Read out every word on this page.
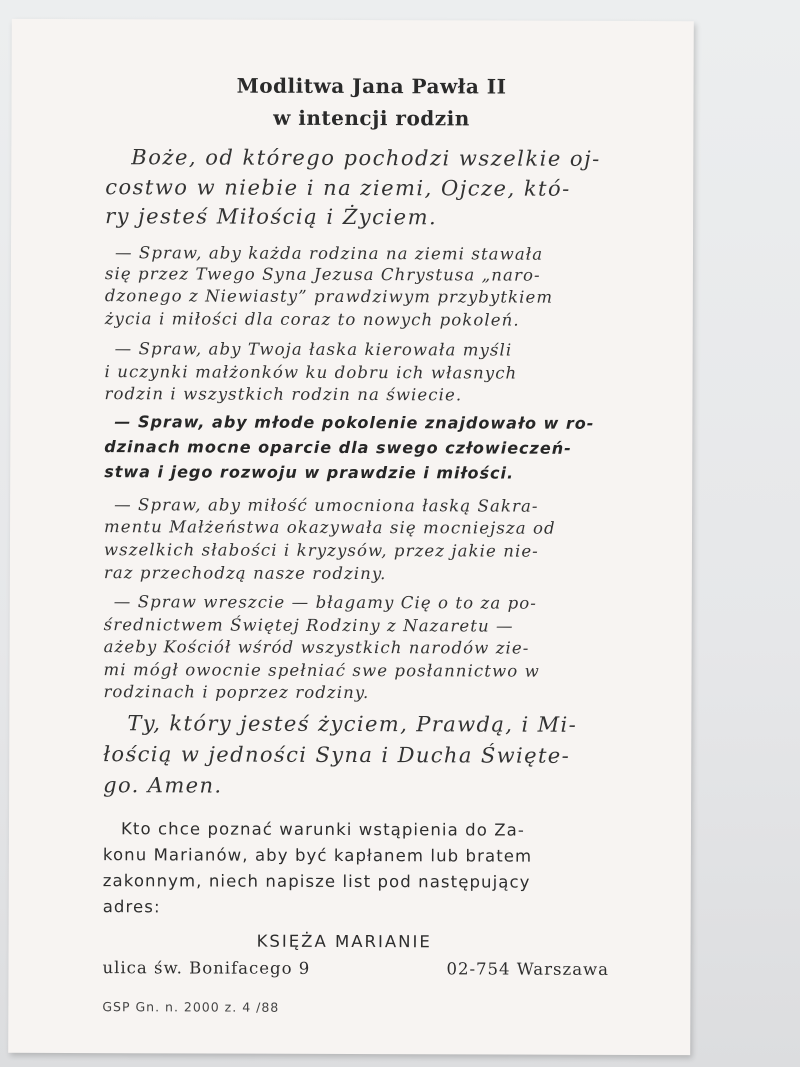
Modlitwa Jana Pawła II
w intencji rodzin
Boże, od którego pochodzi wszelkie oj-
costwo w niebie i na ziemi, Ojcze, któ-
ry jesteś Miłością i Życiem.
— Spraw, aby każda rodzina na ziemi stawała
się przez Twego Syna Jezusa Chrystusa „naro-
dzonego z Niewiasty” prawdziwym przybytkiem
życia i miłości dla coraz to nowych pokoleń.
— Spraw, aby Twoja łaska kierowała myśli
i uczynki małżonków ku dobru ich własnych
rodzin i wszystkich rodzin na świecie.
— Spraw, aby młode pokolenie znajdowało w ro-
dzinach mocne oparcie dla swego człowieczeń-
stwa i jego rozwoju w prawdzie i miłości.
— Spraw, aby miłość umocniona łaską Sakra-
mentu Małżeństwa okazywała się mocniejsza od
wszelkich słabości i kryzysów, przez jakie nie-
raz przechodzą nasze rodziny.
— Spraw wreszcie — błagamy Cię o to za po-
średnictwem Świętej Rodziny z Nazaretu —
ażeby Kościół wśród wszystkich narodów zie-
mi mógł owocnie spełniać swe posłannictwo w
rodzinach i poprzez rodziny.
Ty, który jesteś życiem, Prawdą, i Mi-
łością w jedności Syna i Ducha Święte-
go. Amen.
Kto chce poznać warunki wstąpienia do Za-
konu Marianów, aby być kapłanem lub bratem
zakonnym, niech napisze list pod następujący
adres:
KSIĘŻA MARIANIE
ulica św. Bonifacego 9	02-754 Warszawa
GSP Gn. n. 2000 z. 4 /88
